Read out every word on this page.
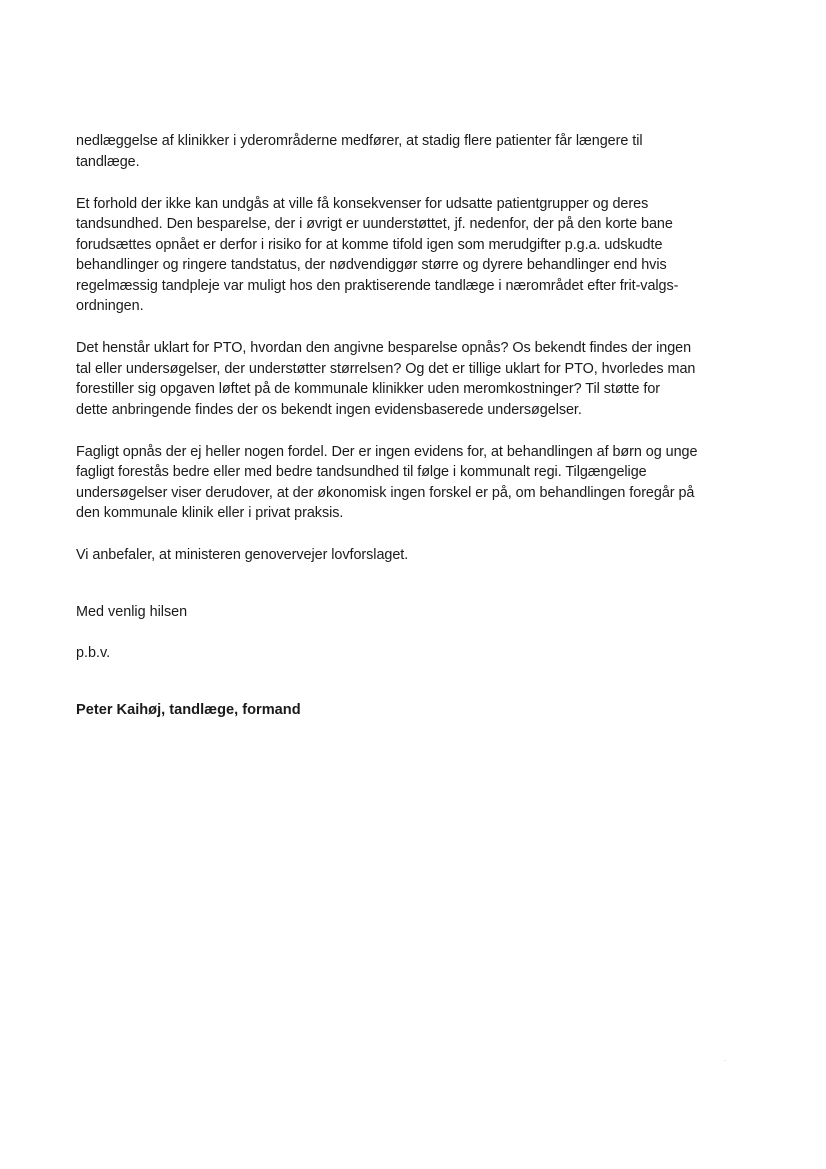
nedlæggelse af klinikker i yderområderne medfører, at stadig flere patienter får længere til
tandlæge.
Et forhold der ikke kan undgås at ville få konsekvenser for udsatte patientgrupper og deres
tandsundhed. Den besparelse, der i øvrigt er uunderstøttet, jf. nedenfor, der på den korte bane
forudsættes opnået er derfor i risiko for at komme tifold igen som merudgifter p.g.a. udskudte
behandlinger og ringere tandstatus, der nødvendiggør større og dyrere behandlinger end hvis
regelmæssig tandpleje var muligt hos den praktiserende tandlæge i nærområdet efter frit-valgs-
ordningen.
Det henstår uklart for PTO, hvordan den angivne besparelse opnås? Os bekendt findes der ingen
tal eller undersøgelser, der understøtter størrelsen? Og det er tillige uklart for PTO, hvorledes man
forestiller sig opgaven løftet på de kommunale klinikker uden meromkostninger? Til støtte for
dette anbringende findes der os bekendt ingen evidensbaserede undersøgelser.
Fagligt opnås der ej heller nogen fordel. Der er ingen evidens for, at behandlingen af børn og unge
fagligt forestås bedre eller med bedre tandsundhed til følge i kommunalt regi. Tilgængelige
undersøgelser viser derudover, at der økonomisk ingen forskel er på, om behandlingen foregår på
den kommunale klinik eller i privat praksis.
Vi anbefaler, at ministeren genovervejer lovforslaget.

Med venlig hilsen

p.b.v.

Peter Kaihøj, tandlæge, formand
